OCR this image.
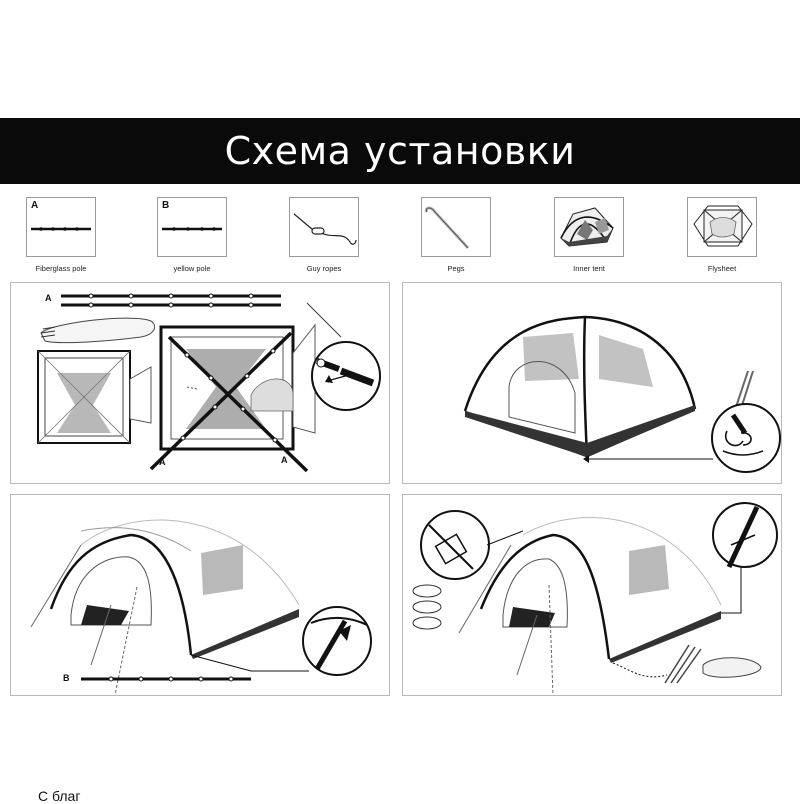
Схема установки
A
Fiberglass pole
B
yellow pole	Guy ropes	Pegs	Inner tent	Flysheet
A
A	A
B
С благ
